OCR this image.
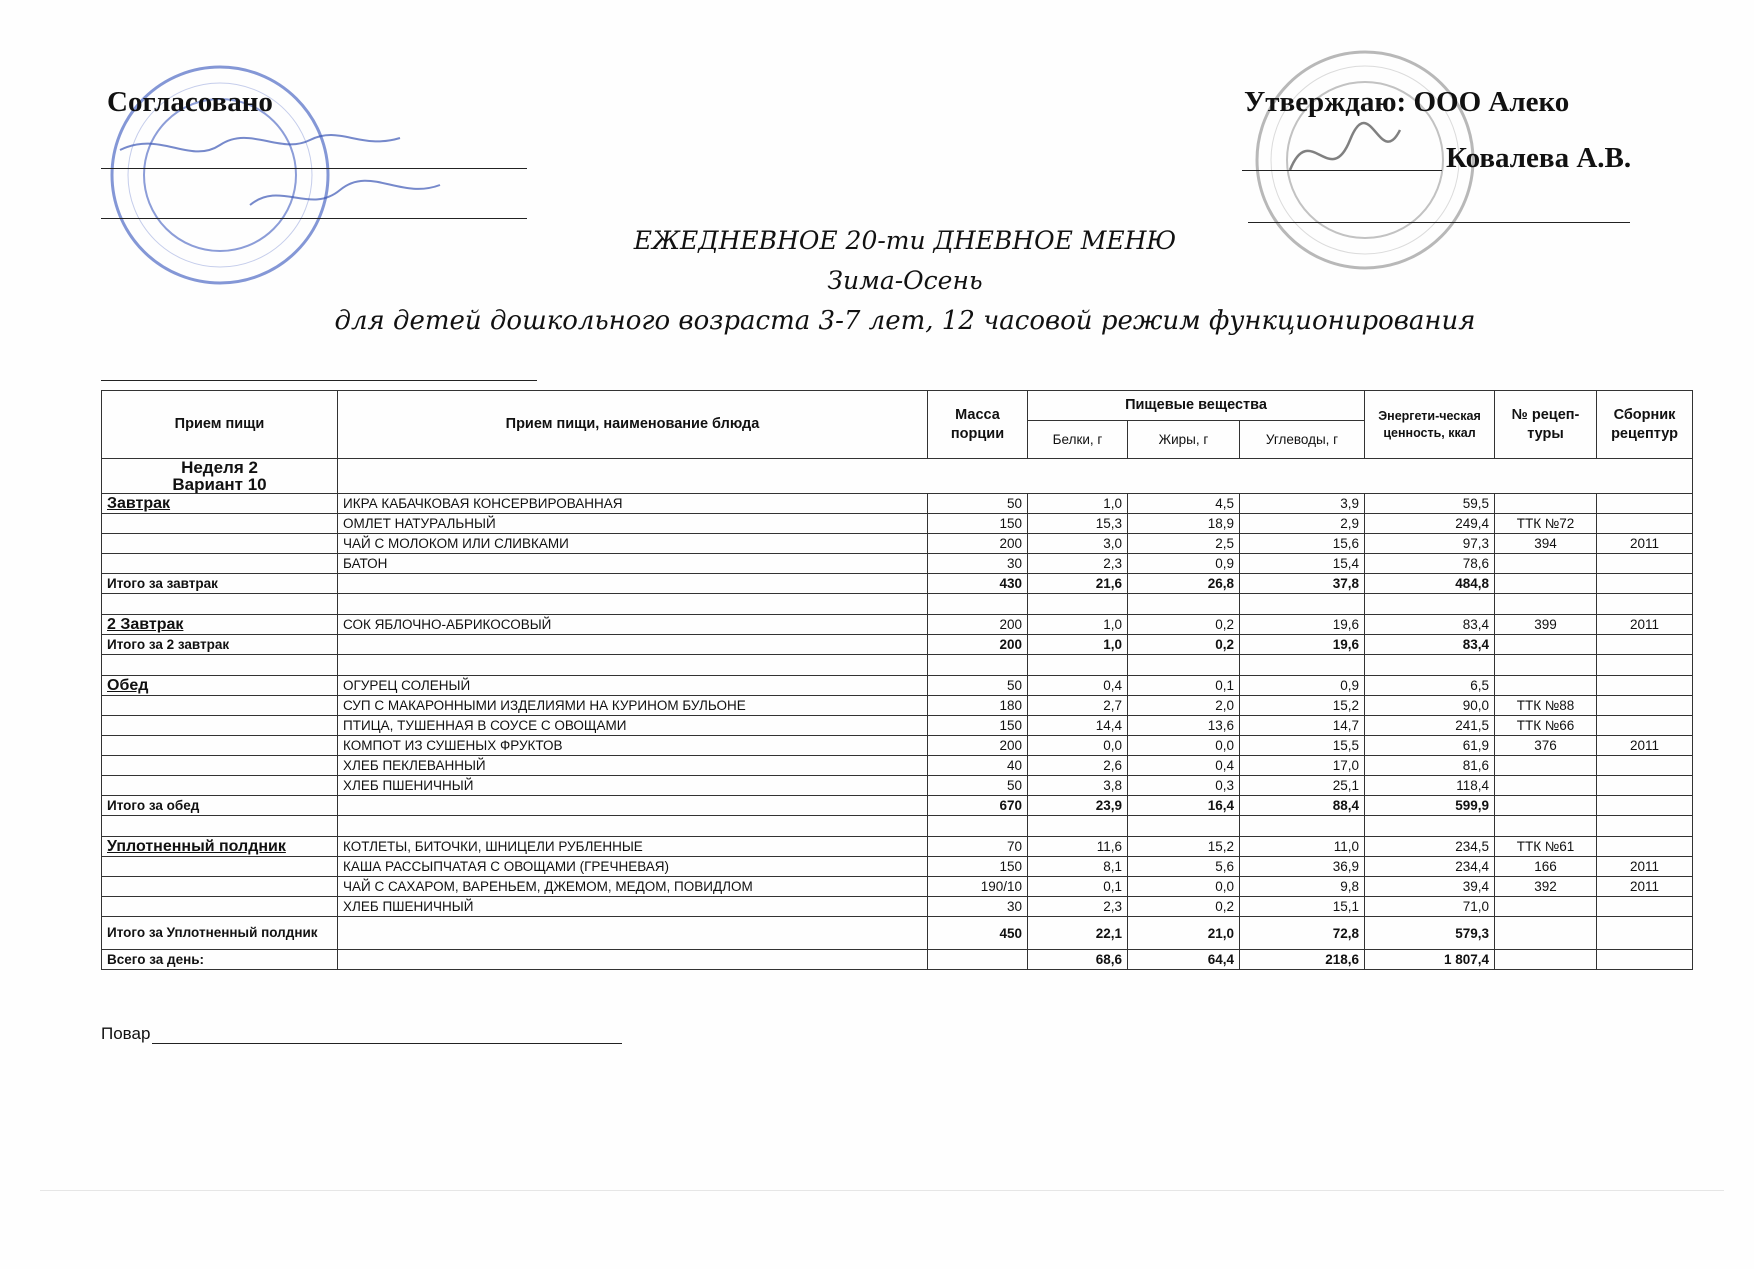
Согласовано	Утверждаю: ООО Алеко
Ковалева А.В.
ЕЖЕДНЕВНОЕ 20-ти ДНЕВНОЕ МЕНЮ
Зима-Осень
для детей дошкольного возраста 3-7 лет, 12 часовой режим функционирования
Прием пищи	Прием пищи, наименование блюда	Масса порции	Пищевые вещества			Энергети-ческая ценность, ккал	№ рецеп-туры	Сборник рецептур
			Белки, г	Жиры, г	Углеводы, г			
Неделя 2
Вариант 10								
Завтрак	ИКРА КАБАЧКОВАЯ КОНСЕРВИРОВАННАЯ	50	1,0	4,5	3,9	59,5		
	ОМЛЕТ НАТУРАЛЬНЫЙ	150	15,3	18,9	2,9	249,4	ТТК №72	
	ЧАЙ С МОЛОКОМ ИЛИ СЛИВКАМИ	200	3,0	2,5	15,6	97,3	394	2011
	БАТОН	30	2,3	0,9	15,4	78,6		
Итого за завтрак		430	21,6	26,8	37,8	484,8		

2 Завтрак	СОК ЯБЛОЧНО-АБРИКОСОВЫЙ	200	1,0	0,2	19,6	83,4	399	2011
Итого за 2 завтрак		200	1,0	0,2	19,6	83,4		

Обед	ОГУРЕЦ СОЛЕНЫЙ	50	0,4	0,1	0,9	6,5		
	СУП С МАКАРОННЫМИ ИЗДЕЛИЯМИ НА КУРИНОМ БУЛЬОНЕ	180	2,7	2,0	15,2	90,0	ТТК №88	
	ПТИЦА, ТУШЕННАЯ В СОУСЕ С ОВОЩАМИ	150	14,4	13,6	14,7	241,5	ТТК №66	
	КОМПОТ ИЗ СУШЕНЫХ ФРУКТОВ	200	0,0	0,0	15,5	61,9	376	2011
	ХЛЕБ ПЕКЛЕВАННЫЙ	40	2,6	0,4	17,0	81,6		
	ХЛЕБ ПШЕНИЧНЫЙ	50	3,8	0,3	25,1	118,4		
Итого за обед		670	23,9	16,4	88,4	599,9		

Уплотненный полдник	КОТЛЕТЫ, БИТОЧКИ, ШНИЦЕЛИ РУБЛЕННЫЕ	70	11,6	15,2	11,0	234,5	ТТК №61	
	КАША РАССЫПЧАТАЯ С ОВОЩАМИ (ГРЕЧНЕВАЯ)	150	8,1	5,6	36,9	234,4	166	2011
	ЧАЙ С САХАРОМ, ВАРЕНЬЕМ, ДЖЕМОМ, МЕДОМ, ПОВИДЛОМ	190/10	0,1	0,0	9,8	39,4	392	2011
	ХЛЕБ ПШЕНИЧНЫЙ	30	2,3	0,2	15,1	71,0		
Итого за Уплотненный полдник		450	22,1	21,0	72,8	579,3		
Всего за день:			68,6	64,4	218,6	1 807,4		
Повар
